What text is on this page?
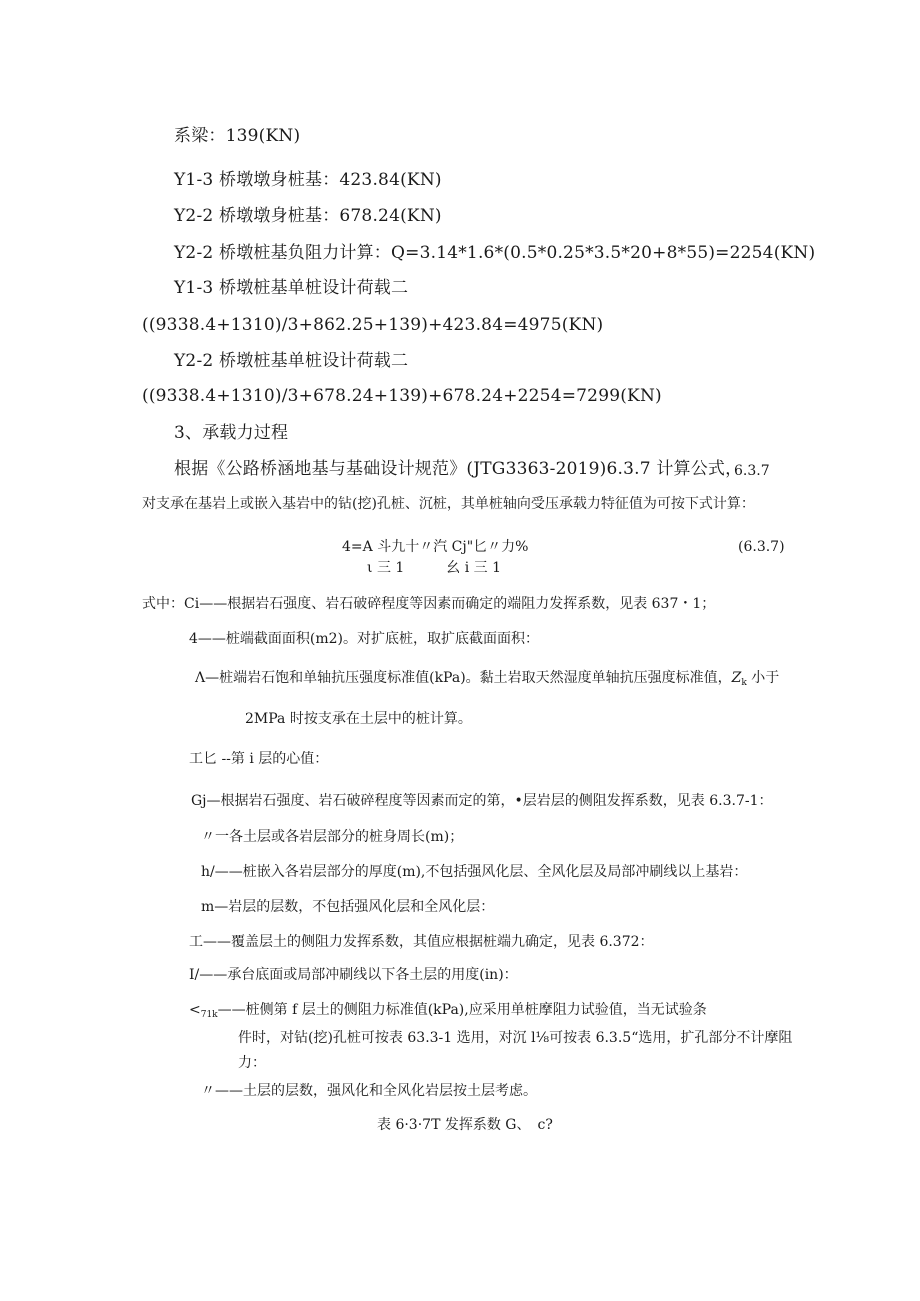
系梁：139(KN)
Y1-3 桥墩墩身桩基：423.84(KN)
Y2-2 桥墩墩身桩基：678.24(KN)
Y2-2 桥墩桩基负阻力计算：Q=3.14*1.6*(0.5*0.25*3.5*20+8*55)=2254(KN)
Y1-3 桥墩桩基单桩设计荷载二
((9338.4+1310)/3+862.25+139)+423.84=4975(KN)
Y2-2 桥墩桩基单桩设计荷载二
((9338.4+1310)/3+678.24+139)+678.24+2254=7299(KN)
3、承载力过程
根据《公路桥涵地基与基础设计规范》(JTG3363-2019)6.3.7 计算公式，
6.3.7
对支承在基岩上或嵌入基岩中的钻(挖)孔桩、沉桩，其单桩轴向受压承载力特征值为可按下式计算：
4=A 斗九十〃汽 Cj"匕〃力%
ι 三 1　　　幺 i 三 1
(6.3.7)
式中：Ci——根据岩石强度、岩石破碎程度等因素而确定的端阻力发挥系数，见表 637・1；
4——桩端截面面积(m2)。对扩底桩，取扩底截面面积：
Λ—桩端岩石饱和单轴抗压强度标准值(kPa)。黏土岩取天然湿度单轴抗压强度标准值，$Z_k$ 小于
2MPa 时按支承在土层中的桩计算。
工匕 --第 i 层的心值：
Gj—根据岩石强度、岩石破碎程度等因素而定的第，•层岩层的侧阻发挥系数，见表 6.3.7-1：
〃一各土层或各岩层部分的桩身周长(m)；
h/——桩嵌入各岩层部分的厚度(m),不包括强风化层、全风化层及局部冲刷线以上基岩：
m—岩层的层数，不包括强风化层和全风化层：
工——覆盖层土的侧阻力发挥系数，其值应根据桩端九确定，见表 6.372：
I/——承台底面或局部冲刷线以下各土层的用度(in)：
$<_{71k}——$桩侧第 f 层土的侧阻力标准值(kPa),应采用单桩摩阻力试验值，当无试验条
件时，对钻(挖)孔桩可按表 63.3-1 选用，对沉 l⅛可按表 6.3.5“选用，扩孔部分不计摩阻
力：
〃——土层的层数，强风化和全风化岩层按土层考虑。
表 6·3·7T 发挥系数 G、　c?
